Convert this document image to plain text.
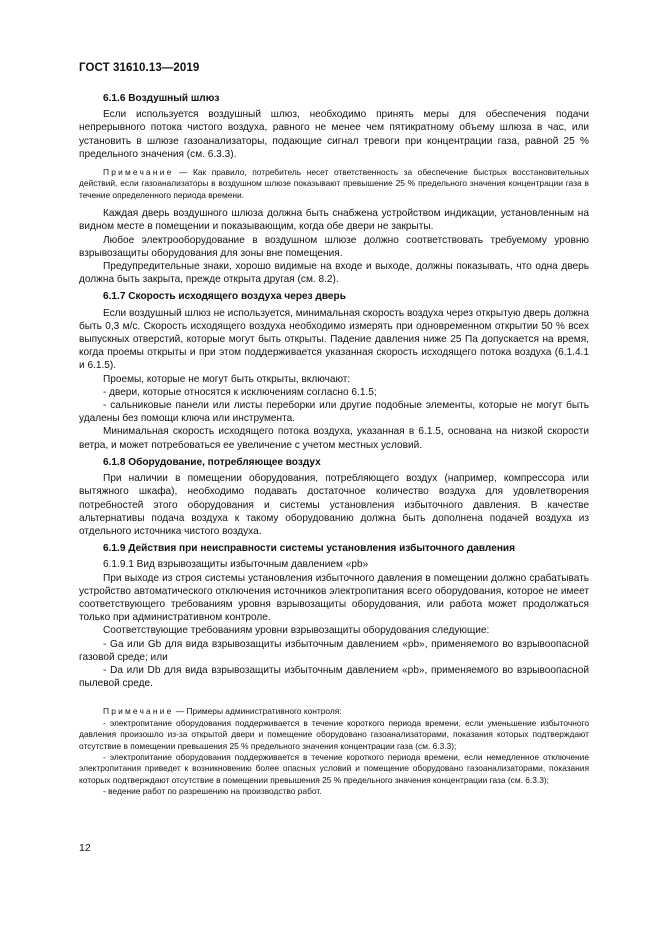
ГОСТ 31610.13—2019

6.1.6 Воздушный шлюз

Если используется воздушный шлюз, необходимо принять меры для обеспечения подачи непрерывного потока чистого воздуха, равного не менее чем пятикратному объему шлюза в час, или установить в шлюзе газоанализаторы, подающие сигнал тревоги при концентрации газа, равной 25 % предельного значения (см. 6.3.3).

Примечание — Как правило, потребитель несет ответственность за обеспечение быстрых восстановительных действий, если газоанализаторы в воздушном шлюзе показывают превышение 25 % предельного значения концентрации газа в течение определенного периода времени.

Каждая дверь воздушного шлюза должна быть снабжена устройством индикации, установленным на видном месте в помещении и показывающим, когда обе двери не закрыты.

Любое электрооборудование в воздушном шлюзе должно соответствовать требуемому уровню взрывозащиты оборудования для зоны вне помещения.

Предупредительные знаки, хорошо видимые на входе и выходе, должны показывать, что одна дверь должна быть закрыта, прежде открыта другая (см. 8.2).

6.1.7 Скорость исходящего воздуха через дверь

Если воздушный шлюз не используется, минимальная скорость воздуха через открытую дверь должна быть 0,3 м/с. Скорость исходящего воздуха необходимо измерять при одновременном открытии 50 % всех выпускных отверстий, которые могут быть открыты. Падение давления ниже 25 Па допускается на время, когда проемы открыты и при этом поддерживается указанная скорость исходящего потока воздуха (6.1.4.1 и 6.1.5).

Проемы, которые не могут быть открыты, включают:

- двери, которые относятся к исключениям согласно 6.1.5;

- сальниковые панели или листы переборки или другие подобные элементы, которые не могут быть удалены без помощи ключа или инструмента.

Минимальная скорость исходящего потока воздуха, указанная в 6.1.5, основана на низкой скорости ветра, и может потребоваться ее увеличение с учетом местных условий.

6.1.8 Оборудование, потребляющее воздух

При наличии в помещении оборудования, потребляющего воздух (например, компрессора или вытяжного шкафа), необходимо подавать достаточное количество воздуха для удовлетворения потребностей этого оборудования и системы установления избыточного давления. В качестве альтернативы подача воздуха к такому оборудованию должна быть дополнена подачей воздуха из отдельного источника чистого воздуха.

6.1.9 Действия при неисправности системы установления избыточного давления

6.1.9.1 Вид взрывозащиты избыточным давлением «pb»

При выходе из строя системы установления избыточного давления в помещении должно срабатывать устройство автоматического отключения источников электропитания всего оборудования, которое не имеет соответствующего требованиям уровня взрывозащиты оборудования, или работа может продолжаться только при административном контроле.

Соответствующие требованиям уровни взрывозащиты оборудования следующие:

- Ga или Gb для вида взрывозащиты избыточным давлением «pb», применяемого во взрывоопасной газовой среде; или

- Da или Db для вида взрывозащиты избыточным давлением «pb», применяемого во взрывоопасной пылевой среде.

Примечание — Примеры административного контроля:

- электропитание оборудования поддерживается в течение короткого периода времени, если уменьшение избыточного давления произошло из-за открытой двери и помещение оборудовано газоанализаторами, показания которых подтверждают отсутствие в помещении превышения 25 % предельного значения концентрации газа (см. 6.3.3);

- электропитание оборудования поддерживается в течение короткого периода времени, если немедленное отключение электропитания приведет к возникновению более опасных условий и помещение оборудовано газоанализаторами, показания которых подтверждают отсутствие в помещении превышения 25 % предельного значения концентрации газа (см. 6.3.3);

- ведение работ по разрешению на производство работ.

12
